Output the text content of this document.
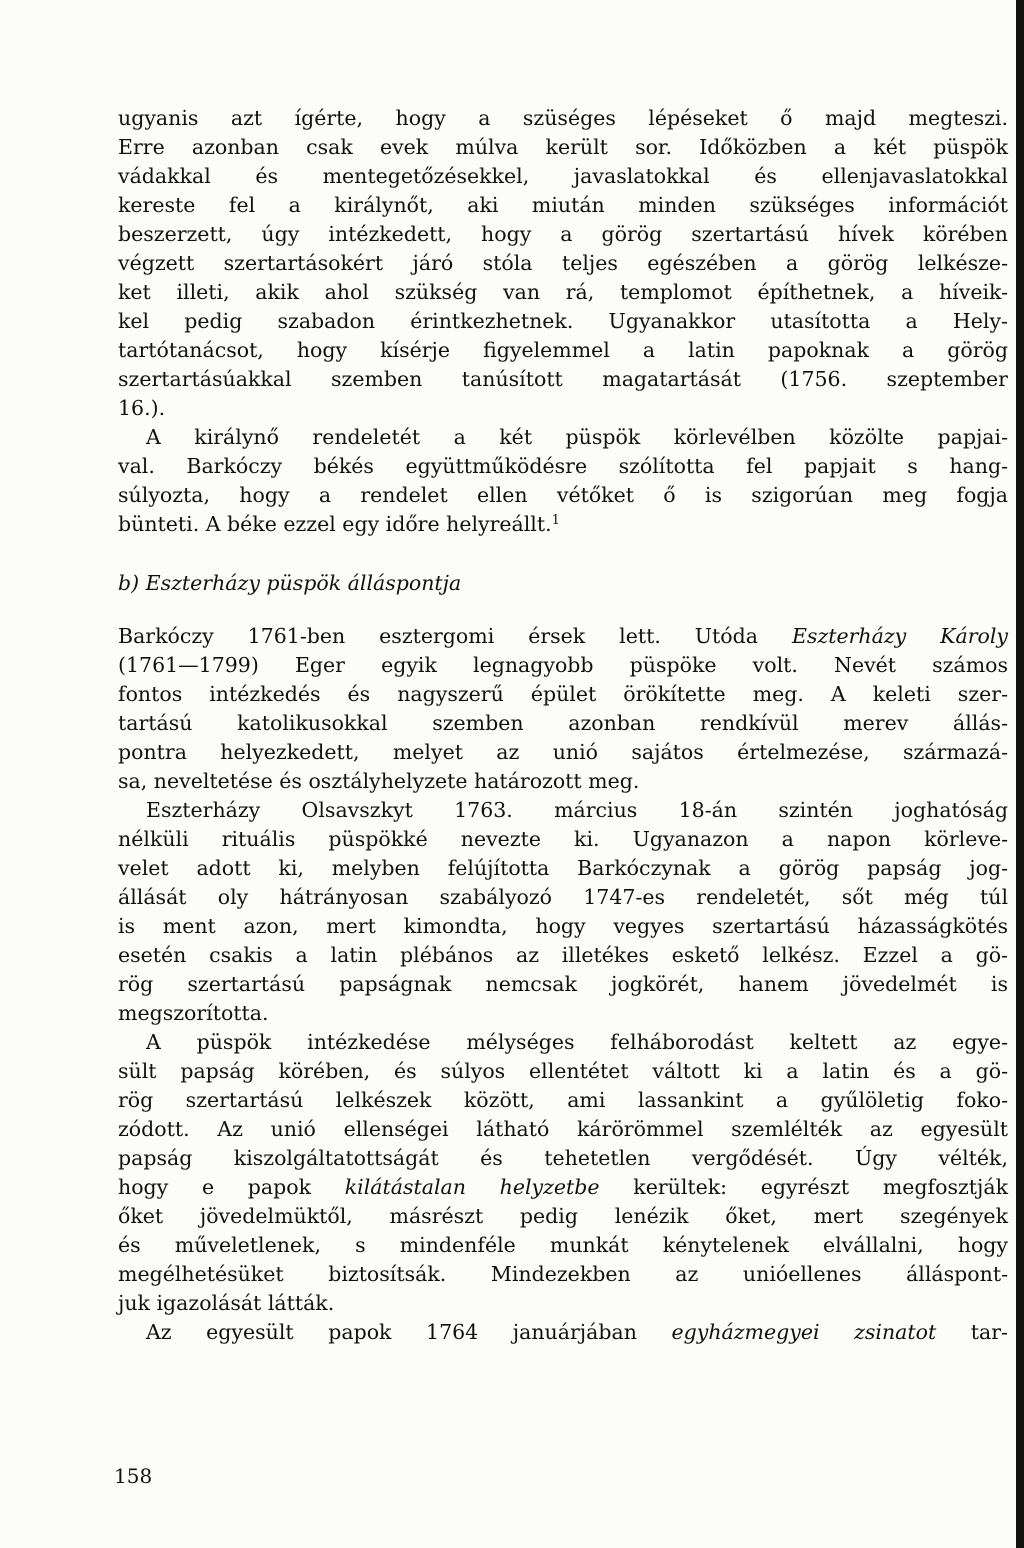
ugyanis azt ígérte, hogy a szüséges lépéseket ő majd megteszi.
Erre azonban csak evek múlva került sor. Időközben a két püspök
vádakkal és mentegetőzésekkel, javaslatokkal és ellenjavaslatokkal
kereste fel a királynőt, aki miután minden szükséges információt
beszerzett, úgy intézkedett, hogy a görög szertartású hívek körében
végzett szertartásokért járó stóla teljes egészében a görög lelkésze-
ket illeti, akik ahol szükség van rá, templomot építhetnek, a híveik-
kel pedig szabadon érintkezhetnek. Ugyanakkor utasította a Hely-
tartótanácsot, hogy kísérje figyelemmel a latin papoknak a görög
szertartásúakkal szemben tanúsított magatartását (1756. szeptember
16.).
A királynő rendeletét a két püspök körlevélben közölte papjai-
val. Barkóczy békés együttműködésre szólította fel papjait s hang-
súlyozta, hogy a rendelet ellen vétőket ő is szigorúan meg fogja
bünteti. A béke ezzel egy időre helyreállt.$^1$
b) Eszterházy püspök álláspontja
Barkóczy 1761-ben esztergomi érsek lett. Utóda Eszterházy Károly
(1761—1799) Eger egyik legnagyobb püspöke volt. Nevét számos
fontos intézkedés és nagyszerű épület örökítette meg. A keleti szer-
tartású katolikusokkal szemben azonban rendkívül merev állás-
pontra helyezkedett, melyet az unió sajátos értelmezése, származá-
sa, neveltetése és osztályhelyzete határozott meg.
Eszterházy Olsavszkyt 1763. március 18-án szintén joghatóság
nélküli rituális püspökké nevezte ki. Ugyanazon a napon körleve-
velet adott ki, melyben felújította Barkóczynak a görög papság jog-
állását oly hátrányosan szabályozó 1747-es rendeletét, sőt még túl
is ment azon, mert kimondta, hogy vegyes szertartású házasságkötés
esetén csakis a latin plébános az illetékes eskető lelkész. Ezzel a gö-
rög szertartású papságnak nemcsak jogkörét, hanem jövedelmét is
megszorította.
A püspök intézkedése mélységes felháborodást keltett az egye-
sült papság körében, és súlyos ellentétet váltott ki a latin és a gö-
rög szertartású lelkészek között, ami lassankint a gyűlöletig foko-
zódott. Az unió ellenségei látható kárörömmel szemlélték az egyesült
papság kiszolgáltatottságát és tehetetlen vergődését. Úgy vélték,
hogy e papok kilátástalan helyzetbe kerültek: egyrészt megfosztják
őket jövedelmüktől, másrészt pedig lenézik őket, mert szegények
és műveletlenek, s mindenféle munkát kénytelenek elvállalni, hogy
megélhetésüket biztosítsák. Mindezekben az unióellenes álláspont-
juk igazolását látták.
Az egyesült papok 1764 januárjában egyházmegyei zsinatot tar-
158
